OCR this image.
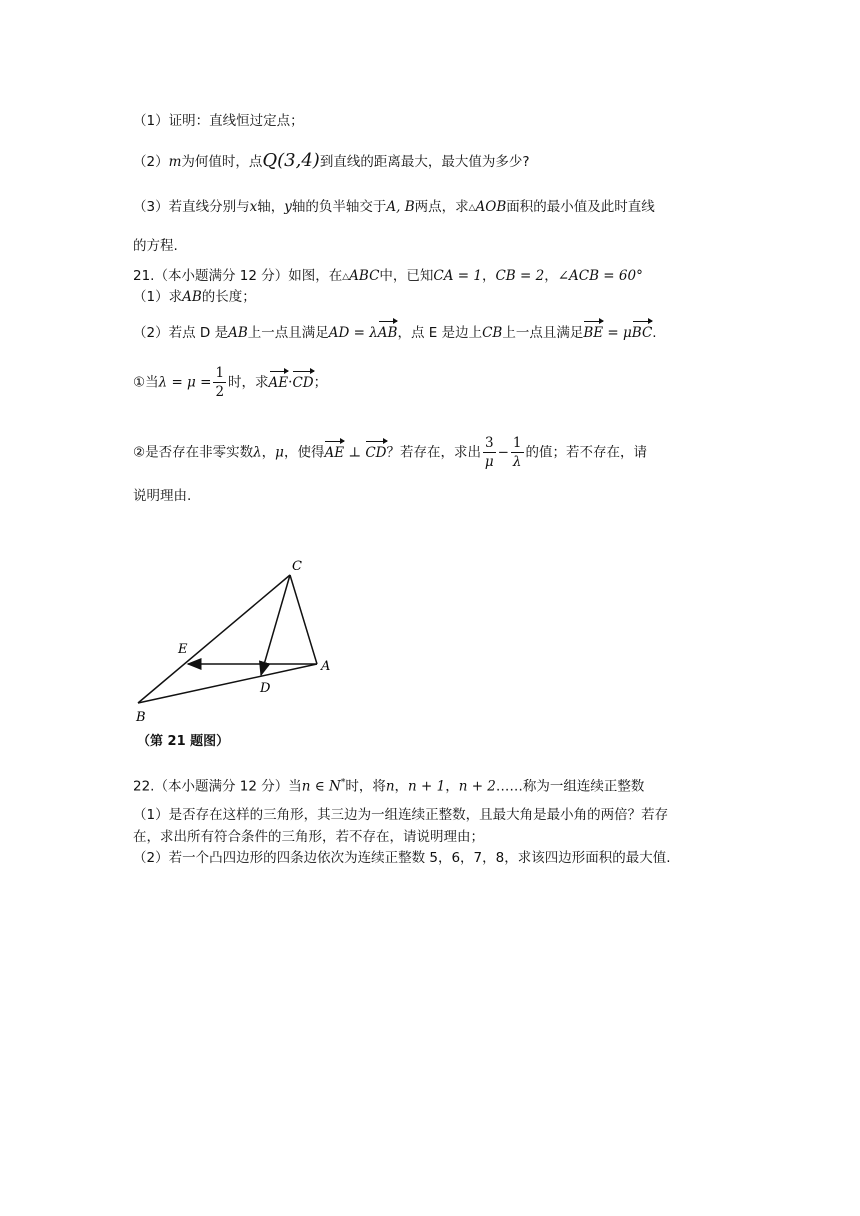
（1）证明：直线恒过定点；
（2）m为何值时，点Q(3,4)到直线的距离最大，最大值为多少?
（3）若直线分别与x轴，y轴的负半轴交于A, B两点，求△AOB面积的最小值及此时直线
的方程.
21.（本小题满分 12 分）如图，在△ABC中，已知CA = 1，CB = 2，∠ACB = 60°
（1）求AB的长度；
（2）若点 D 是AB上一点且满足AD = λAB，点 E 是边上CB上一点且满足BE = μBC.
①当$\lambda = \mu = \frac{1}{2}$ 时，求AE·CD；
②是否存在非零实数λ，μ，使得AE ⊥ CD？若存在，求出 $\frac{3}{\mu} - \frac{1}{\lambda}$ 的值；若不存在，请
说明理由.
C
E
A
D
B
（第 21 题图）
22.（本小题满分 12 分）当n ∈ N*时，将n，n + 1，n + 2……称为一组连续正整数
（1）是否存在这样的三角形，其三边为一组连续正整数，且最大角是最小角的两倍？若存
在，求出所有符合条件的三角形，若不存在，请说明理由；
（2）若一个凸四边形的四条边依次为连续正整数 5，6，7，8，求该四边形面积的最大值.
